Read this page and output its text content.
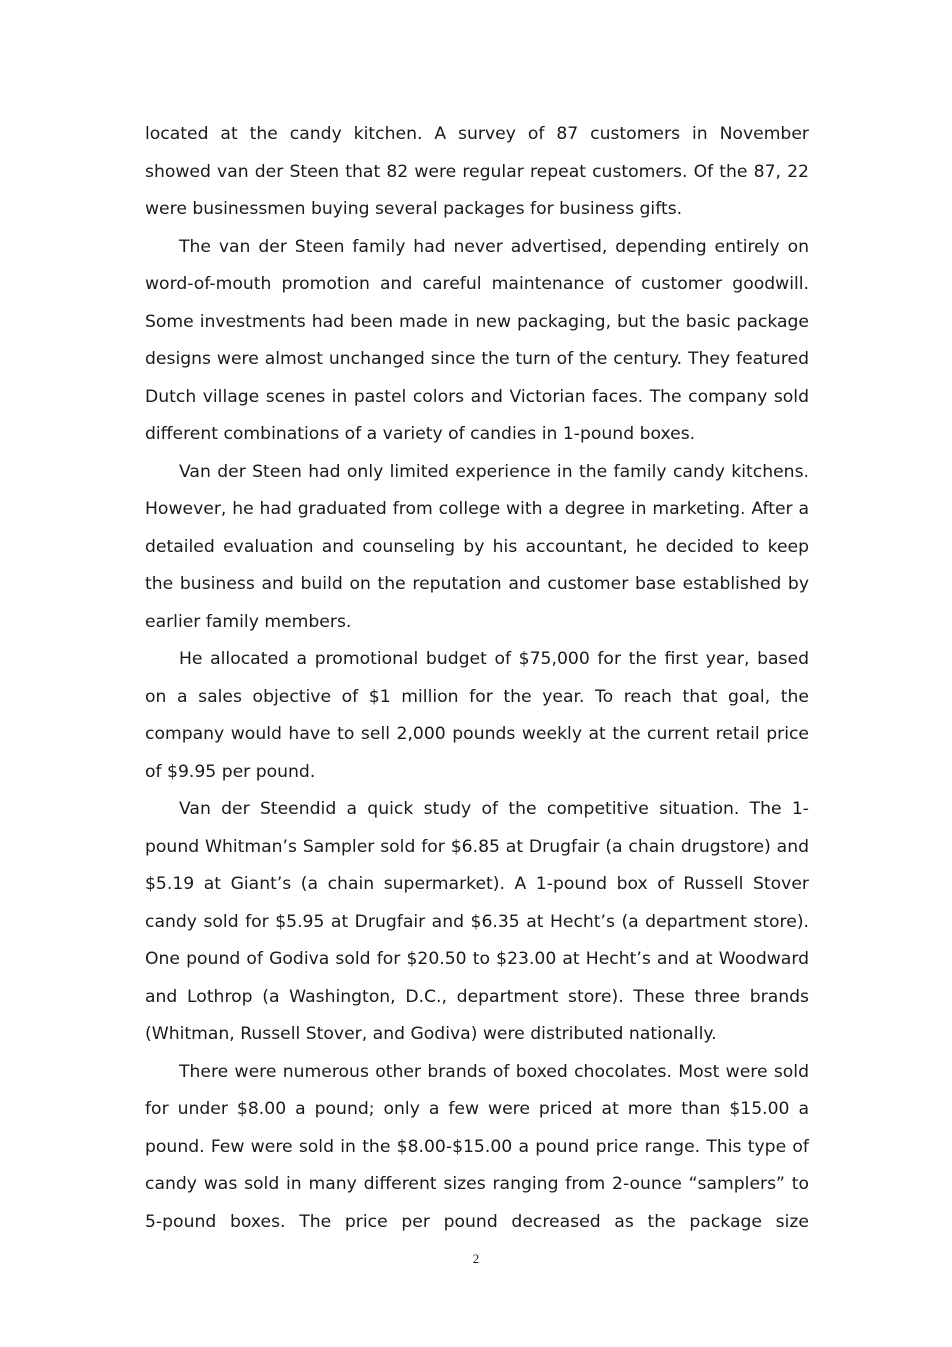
located at the candy kitchen. A survey of 87 customers in November showed van der Steen that 82 were regular repeat customers. Of the 87, 22 were businessmen buying several packages for business gifts.

The van der Steen family had never advertised, depending entirely on word-of-mouth promotion and careful maintenance of customer goodwill. Some investments had been made in new packaging, but the basic package designs were almost unchanged since the turn of the century. They featured Dutch village scenes in pastel colors and Victorian faces. The company sold different combinations of a variety of candies in 1-pound boxes.

Van der Steen had only limited experience in the family candy kitchens. However, he had graduated from college with a degree in marketing. After a detailed evaluation and counseling by his accountant, he decided to keep the business and build on the reputation and customer base established by earlier family members.

He allocated a promotional budget of $75,000 for the first year, based on a sales objective of $1 million for the year. To reach that goal, the company would have to sell 2,000 pounds weekly at the current retail price of $9.95 per pound.

Van der Steendid a quick study of the competitive situation. The 1-pound Whitman’s Sampler sold for $6.85 at Drugfair (a chain drugstore) and $5.19 at Giant’s (a chain supermarket). A 1-pound box of Russell Stover candy sold for $5.95 at Drugfair and $6.35 at Hecht’s (a department store). One pound of Godiva sold for $20.50 to $23.00 at Hecht’s and at Woodward and Lothrop (a Washington, D.C., department store). These three brands (Whitman, Russell Stover, and Godiva) were distributed nationally.

There were numerous other brands of boxed chocolates. Most were sold for under $8.00 a pound; only a few were priced at more than $15.00 a pound. Few were sold in the $8.00-$15.00 a pound price range. This type of candy was sold in many different sizes ranging from 2-ounce “samplers” to 5-pound boxes. The price per pound decreased as the package size

2
